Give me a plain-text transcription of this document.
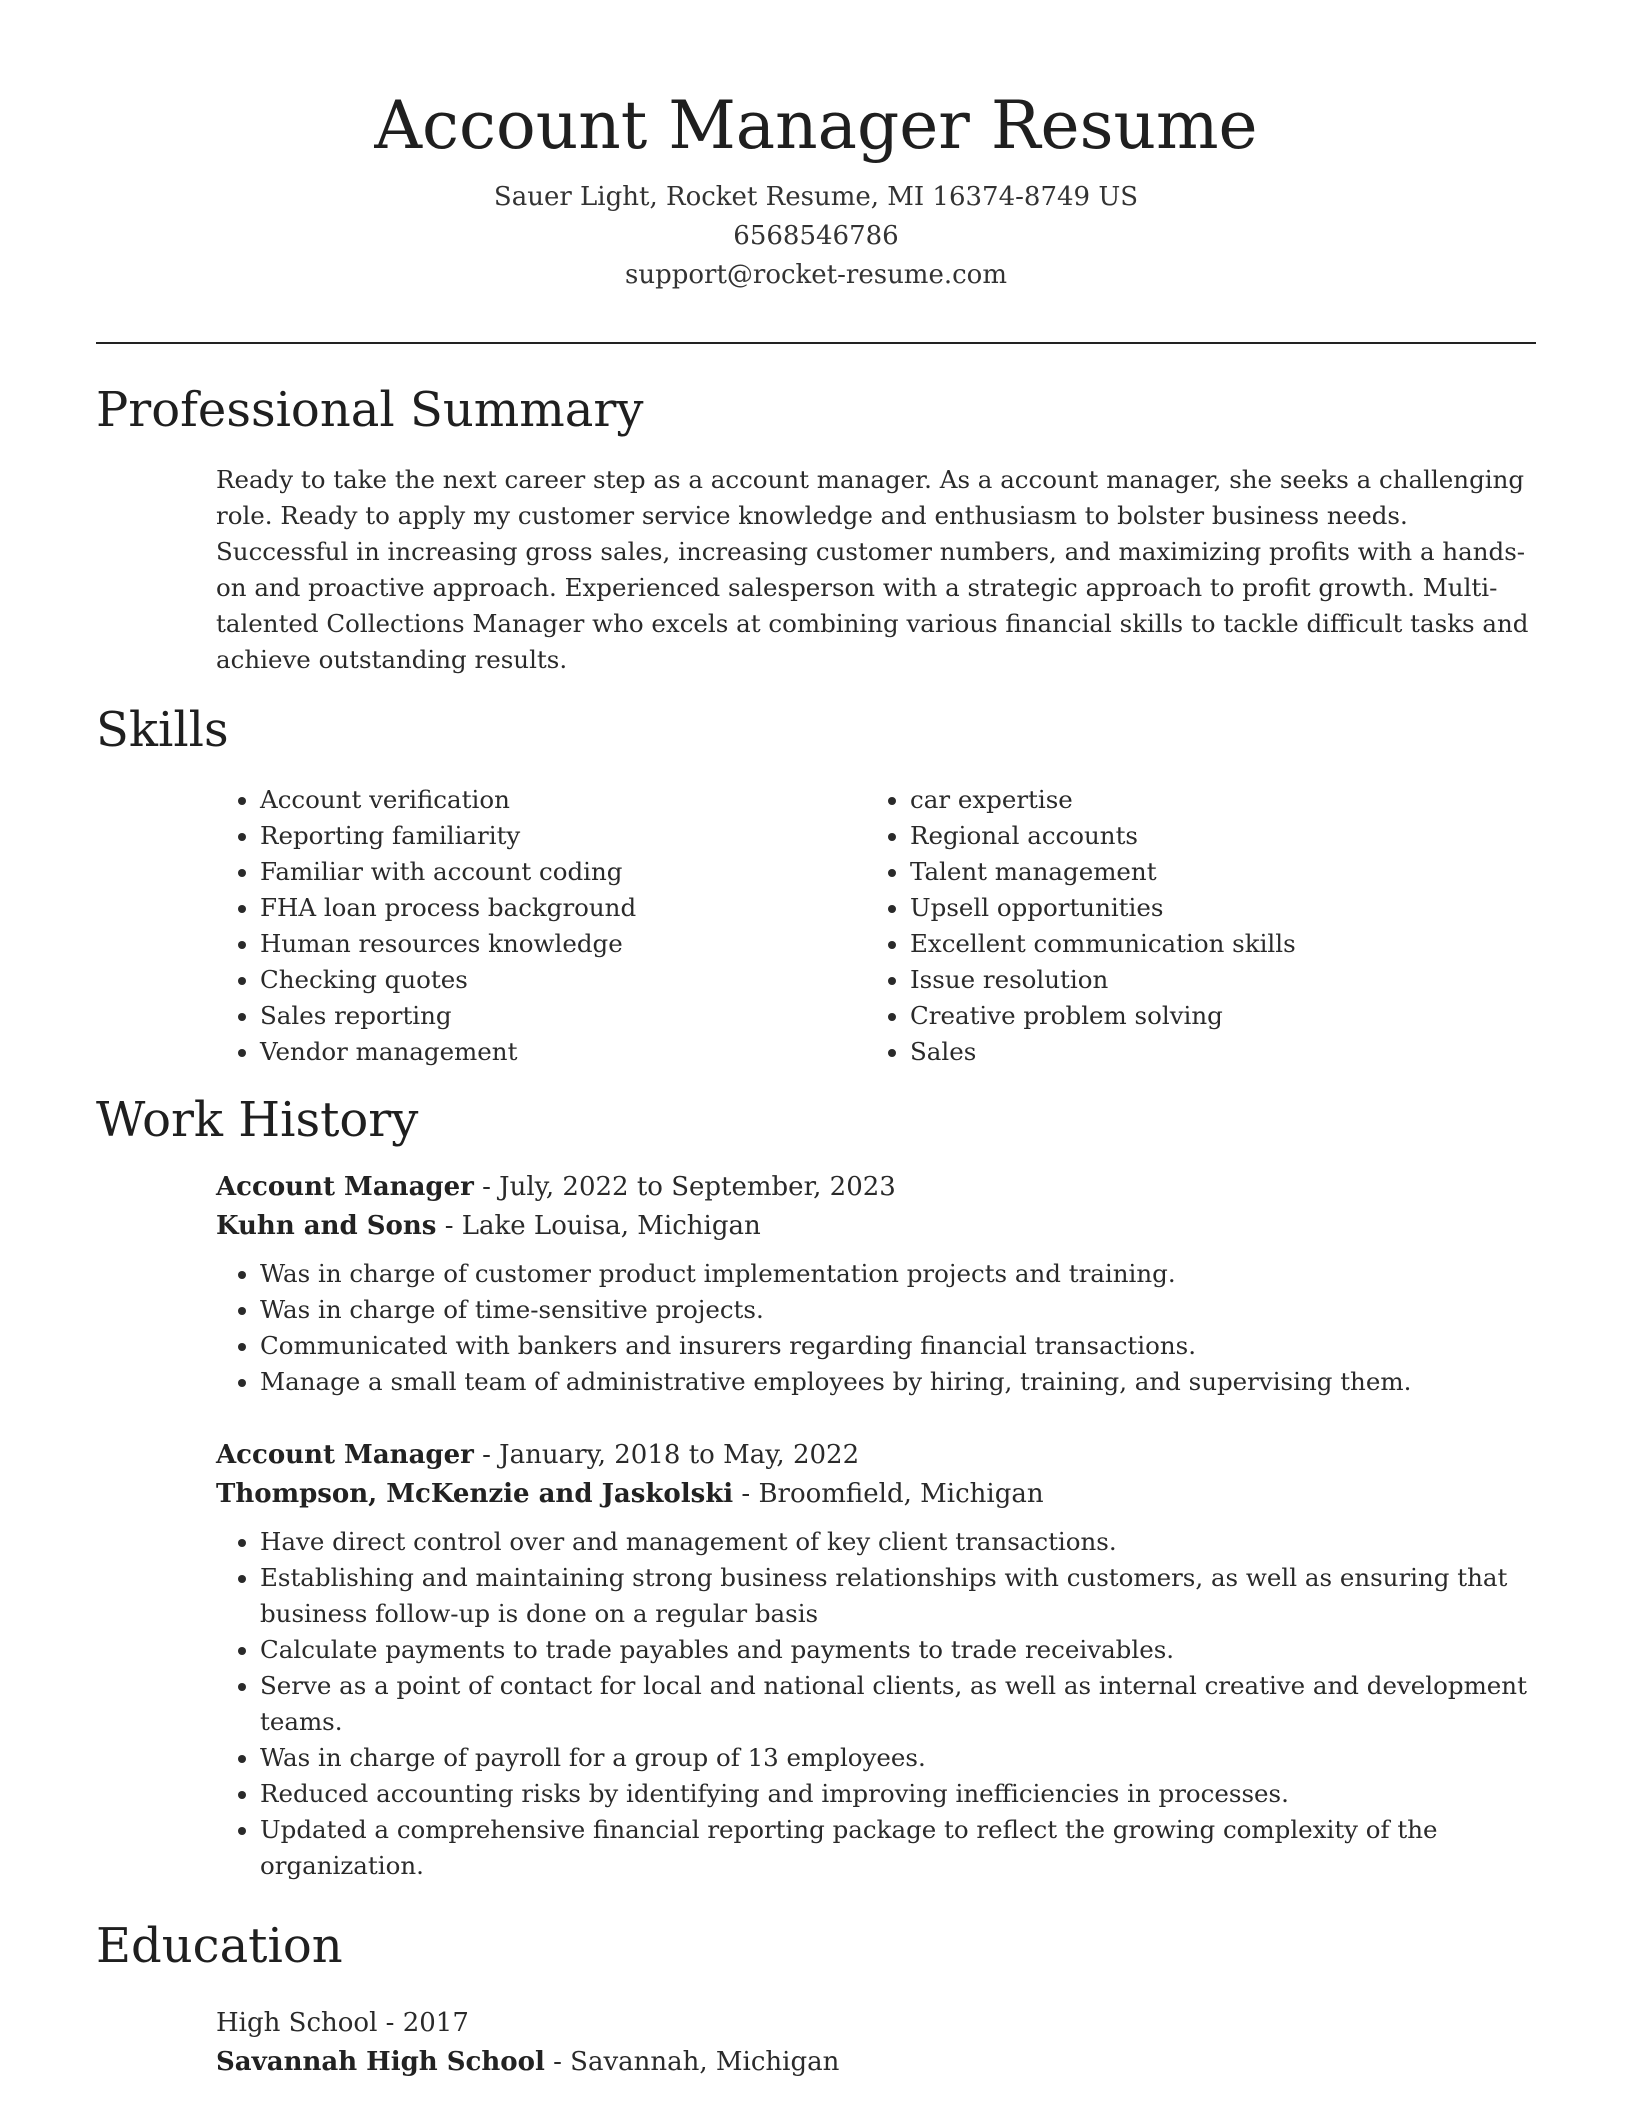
Account Manager Resume
Sauer Light, Rocket Resume, MI 16374-8749 US
6568546786
support@rocket-resume.com
Professional Summary

Ready to take the next career step as a account manager. As a account manager, she seeks a challenging role. Ready to apply my customer service knowledge and enthusiasm to bolster business needs. Successful in increasing gross sales, increasing customer numbers, and maximizing profits with a hands-on and proactive approach. Experienced salesperson with a strategic approach to profit growth. Multi-talented Collections Manager who excels at combining various financial skills to tackle difficult tasks and achieve outstanding results.

Skills
• Account verification
• Reporting familiarity
• Familiar with account coding
• FHA loan process background
• Human resources knowledge
• Checking quotes
• Sales reporting
• Vendor management
• car expertise
• Regional accounts
• Talent management
• Upsell opportunities
• Excellent communication skills
• Issue resolution
• Creative problem solving
• Sales
Work History
Account Manager - July, 2022 to September, 2023
Kuhn and Sons - Lake Louisa, Michigan
• Was in charge of customer product implementation projects and training.
• Was in charge of time-sensitive projects.
• Communicated with bankers and insurers regarding financial transactions.
• Manage a small team of administrative employees by hiring, training, and supervising them.
Account Manager - January, 2018 to May, 2022
Thompson, McKenzie and Jaskolski - Broomfield, Michigan
• Have direct control over and management of key client transactions.
• Establishing and maintaining strong business relationships with customers, as well as ensuring that business follow-up is done on a regular basis
• Calculate payments to trade payables and payments to trade receivables.
• Serve as a point of contact for local and national clients, as well as internal creative and development teams.
• Was in charge of payroll for a group of 13 employees.
• Reduced accounting risks by identifying and improving inefficiencies in processes.
• Updated a comprehensive financial reporting package to reflect the growing complexity of the organization.
Education
High School - 2017
Savannah High School - Savannah, Michigan
